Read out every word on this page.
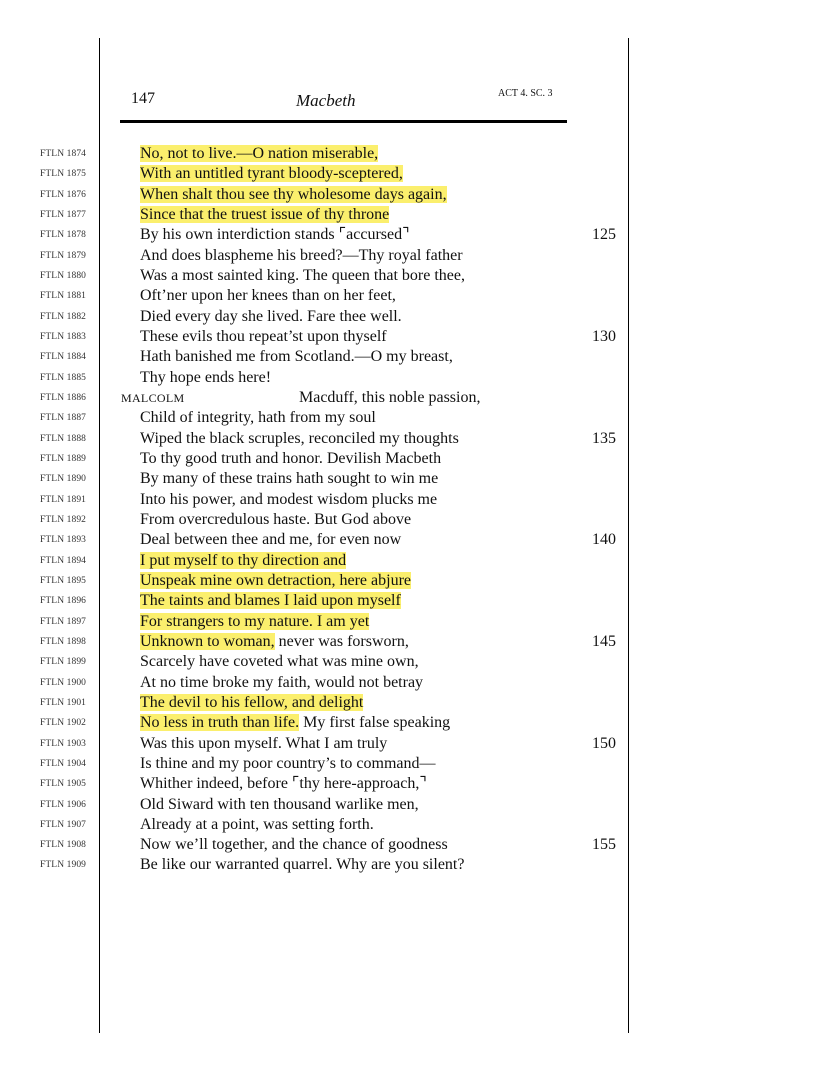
147	Macbeth	ACT 4. SC. 3
FTLN 1874	No, not to live.—O nation miserable,
FTLN 1875	With an untitled tyrant bloody-sceptered,
FTLN 1876	When shalt thou see thy wholesome days again,
FTLN 1877	Since that the truest issue of thy throne
FTLN 1878	By his own interdiction stands ⌜accursed⌝	125
FTLN 1879	And does blaspheme his breed?—Thy royal father
FTLN 1880	Was a most sainted king. The queen that bore thee,
FTLN 1881	Oft’ner upon her knees than on her feet,
FTLN 1882	Died every day she lived. Fare thee well.
FTLN 1883	These evils thou repeat’st upon thyself	130
FTLN 1884	Hath banished me from Scotland.—O my breast,
FTLN 1885	Thy hope ends here!
FTLN 1886	MALCOLM	Macduff, this noble passion,
FTLN 1887	Child of integrity, hath from my soul
FTLN 1888	Wiped the black scruples, reconciled my thoughts	135
FTLN 1889	To thy good truth and honor. Devilish Macbeth
FTLN 1890	By many of these trains hath sought to win me
FTLN 1891	Into his power, and modest wisdom plucks me
FTLN 1892	From overcredulous haste. But God above
FTLN 1893	Deal between thee and me, for even now	140
FTLN 1894	I put myself to thy direction and
FTLN 1895	Unspeak mine own detraction, here abjure
FTLN 1896	The taints and blames I laid upon myself
FTLN 1897	For strangers to my nature. I am yet
FTLN 1898	Unknown to woman, never was forsworn,	145
FTLN 1899	Scarcely have coveted what was mine own,
FTLN 1900	At no time broke my faith, would not betray
FTLN 1901	The devil to his fellow, and delight
FTLN 1902	No less in truth than life. My first false speaking
FTLN 1903	Was this upon myself. What I am truly	150
FTLN 1904	Is thine and my poor country’s to command—
FTLN 1905	Whither indeed, before ⌜thy here-approach,⌝
FTLN 1906	Old Siward with ten thousand warlike men,
FTLN 1907	Already at a point, was setting forth.
FTLN 1908	Now we’ll together, and the chance of goodness	155
FTLN 1909	Be like our warranted quarrel. Why are you silent?
